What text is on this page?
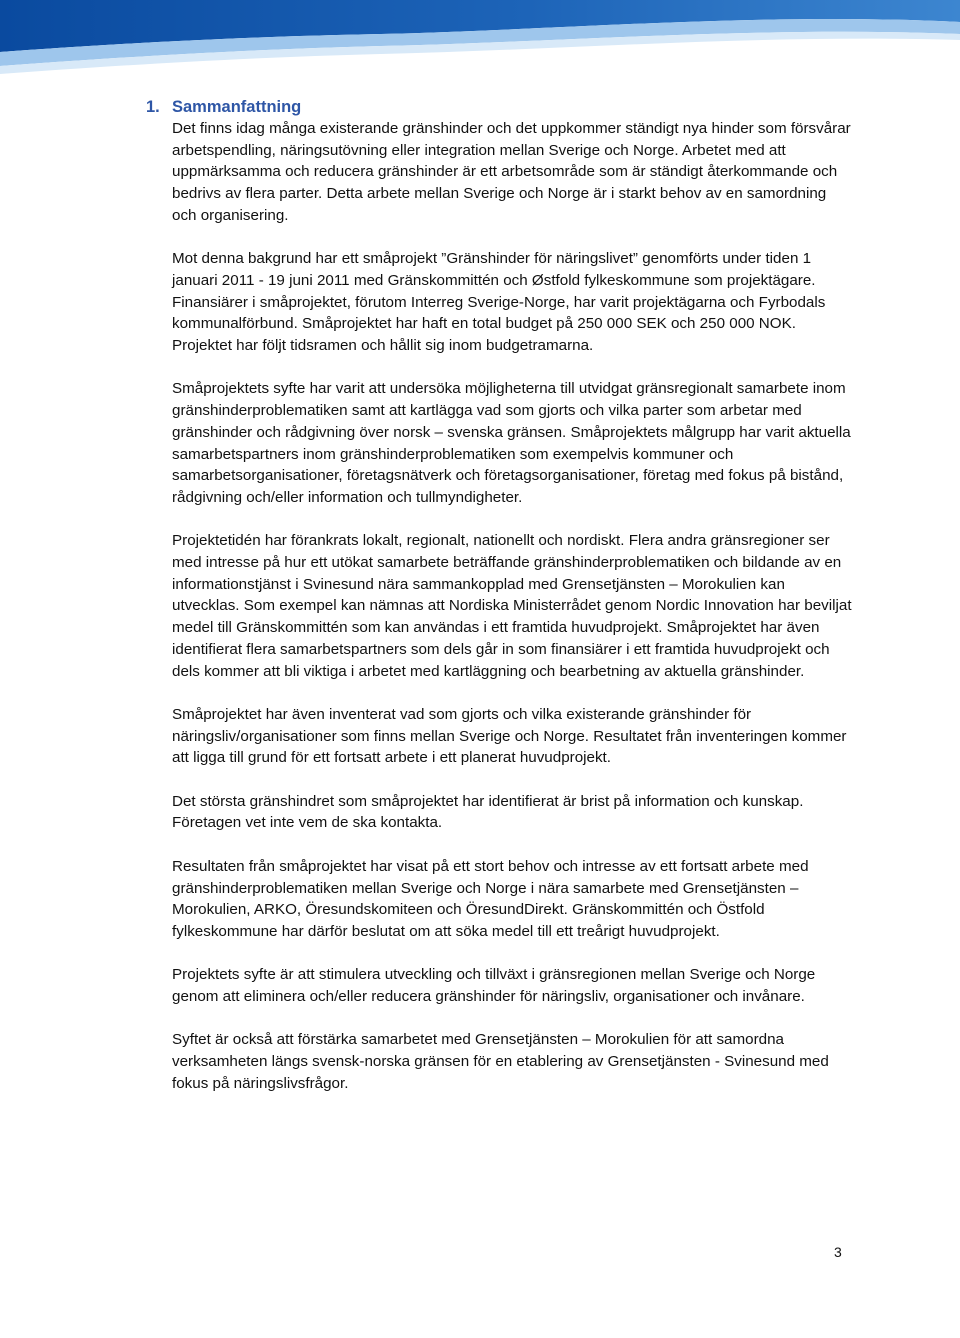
1. Sammanfattning

Det finns idag många existerande gränshinder och det uppkommer ständigt nya hinder som försvårar arbetspendling, näringsutövning eller integration mellan Sverige och Norge. Arbetet med att uppmärksamma och reducera gränshinder är ett arbetsområde som är ständigt återkommande och bedrivs av flera parter. Detta arbete mellan Sverige och Norge är i starkt behov av en samordning och organisering.

Mot denna bakgrund har ett småprojekt ”Gränshinder för näringslivet” genomförts under tiden 1 januari 2011 - 19 juni 2011 med Gränskommittén och Østfold fylkeskommune som projektägare. Finansiärer i småprojektet, förutom Interreg Sverige-Norge, har varit projektägarna och Fyrbodals kommunalförbund. Småprojektet har haft en total budget på 250 000 SEK och 250 000 NOK. Projektet har följt tidsramen och hållit sig inom budgetramarna.

Småprojektets syfte har varit att undersöka möjligheterna till utvidgat gränsregionalt samarbete inom gränshinderproblematiken samt att kartlägga vad som gjorts och vilka parter som arbetar med gränshinder och rådgivning över norsk – svenska gränsen. Småprojektets målgrupp har varit aktuella samarbetspartners inom gränshinderproblematiken som exempelvis kommuner och samarbetsorganisationer, företagsnätverk och företagsorganisationer, företag med fokus på bistånd, rådgivning och/eller information och tullmyndigheter.

Projektetidén har förankrats lokalt, regionalt, nationellt och nordiskt. Flera andra gränsregioner ser med intresse på hur ett utökat samarbete beträffande gränshinderproblematiken och bildande av en informationstjänst i Svinesund nära sammankopplad med Grensetjänsten – Morokulien kan utvecklas. Som exempel kan nämnas att Nordiska Ministerrådet genom Nordic Innovation har beviljat medel till Gränskommittén som kan användas i ett framtida huvudprojekt. Småprojektet har även identifierat flera samarbetspartners som dels går in som finansiärer i ett framtida huvudprojekt och dels kommer att bli viktiga i arbetet med kartläggning och bearbetning av aktuella gränshinder.

Småprojektet har även inventerat vad som gjorts och vilka existerande gränshinder för näringsliv/organisationer som finns mellan Sverige och Norge. Resultatet från inventeringen kommer att ligga till grund för ett fortsatt arbete i ett planerat huvudprojekt.

Det största gränshindret som småprojektet har identifierat är brist på information och kunskap. Företagen vet inte vem de ska kontakta.

Resultaten från småprojektet har visat på ett stort behov och intresse av ett fortsatt arbete med gränshinderproblematiken mellan Sverige och Norge i nära samarbete med Grensetjänsten – Morokulien, ARKO, Öresundskomiteen och ÖresundDirekt. Gränskommittén och Östfold fylkeskommune har därför beslutat om att söka medel till ett treårigt huvudprojekt.

Projektets syfte är att stimulera utveckling och tillväxt i gränsregionen mellan Sverige och Norge genom att eliminera och/eller reducera gränshinder för näringsliv, organisationer och invånare.

Syftet är också att förstärka samarbetet med Grensetjänsten – Morokulien för att samordna verksamheten längs svensk-norska gränsen för en etablering av Grensetjänsten - Svinesund med fokus på näringslivsfrågor.

3
